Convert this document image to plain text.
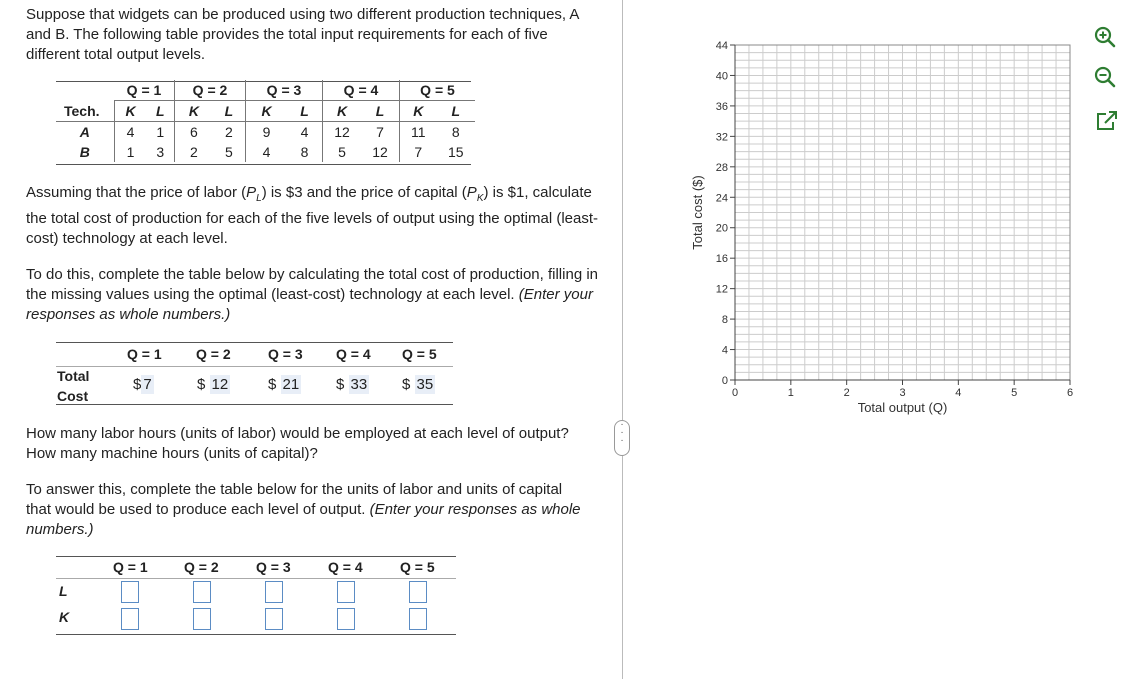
Suppose that widgets can be produced using two different production techniques, A and B. The following table provides the total input requirements for each of five different total output levels.

	Q = 1		Q = 2		Q = 3		Q = 4		Q = 5	
Tech.	K	L	K	L	K	L	K	L	K	L
A	4	1	6	2	9	4	12	7	11	8
B	1	3	2	5	4	8	5	12	7	15

Assuming that the price of labor $(P_L)$ is $3 and the price of capital $(P_K)$ is $1, calculate the total cost of production for each of the five levels of output using the optimal (least-cost) technology at each level.

To do this, complete the table below by calculating the total cost of production, filling in the missing values using the optimal (least-cost) technology at each level. (Enter your responses as whole numbers.)

Q = 1 Q = 2	Q = 3 Q = 4 Q = 5
Total
Cost
$ 7	$ 12	$ 21 $ 33 $ 35

How many labor hours (units of labor) would be employed at each level of output? How many machine hours (units of capital)?

To answer this, complete the table below for the units of labor and units of capital that would be used to produce each level of output. (Enter your responses as whole numbers.)

Q = 1	Q = 2	Q = 3	Q = 4	Q = 5
L
K
·
·
·
0
4
8
12
16
20
24
28
32
36
40
44
0	1	2	3	4	5	6
Total output (Q)
Total cost ($)
